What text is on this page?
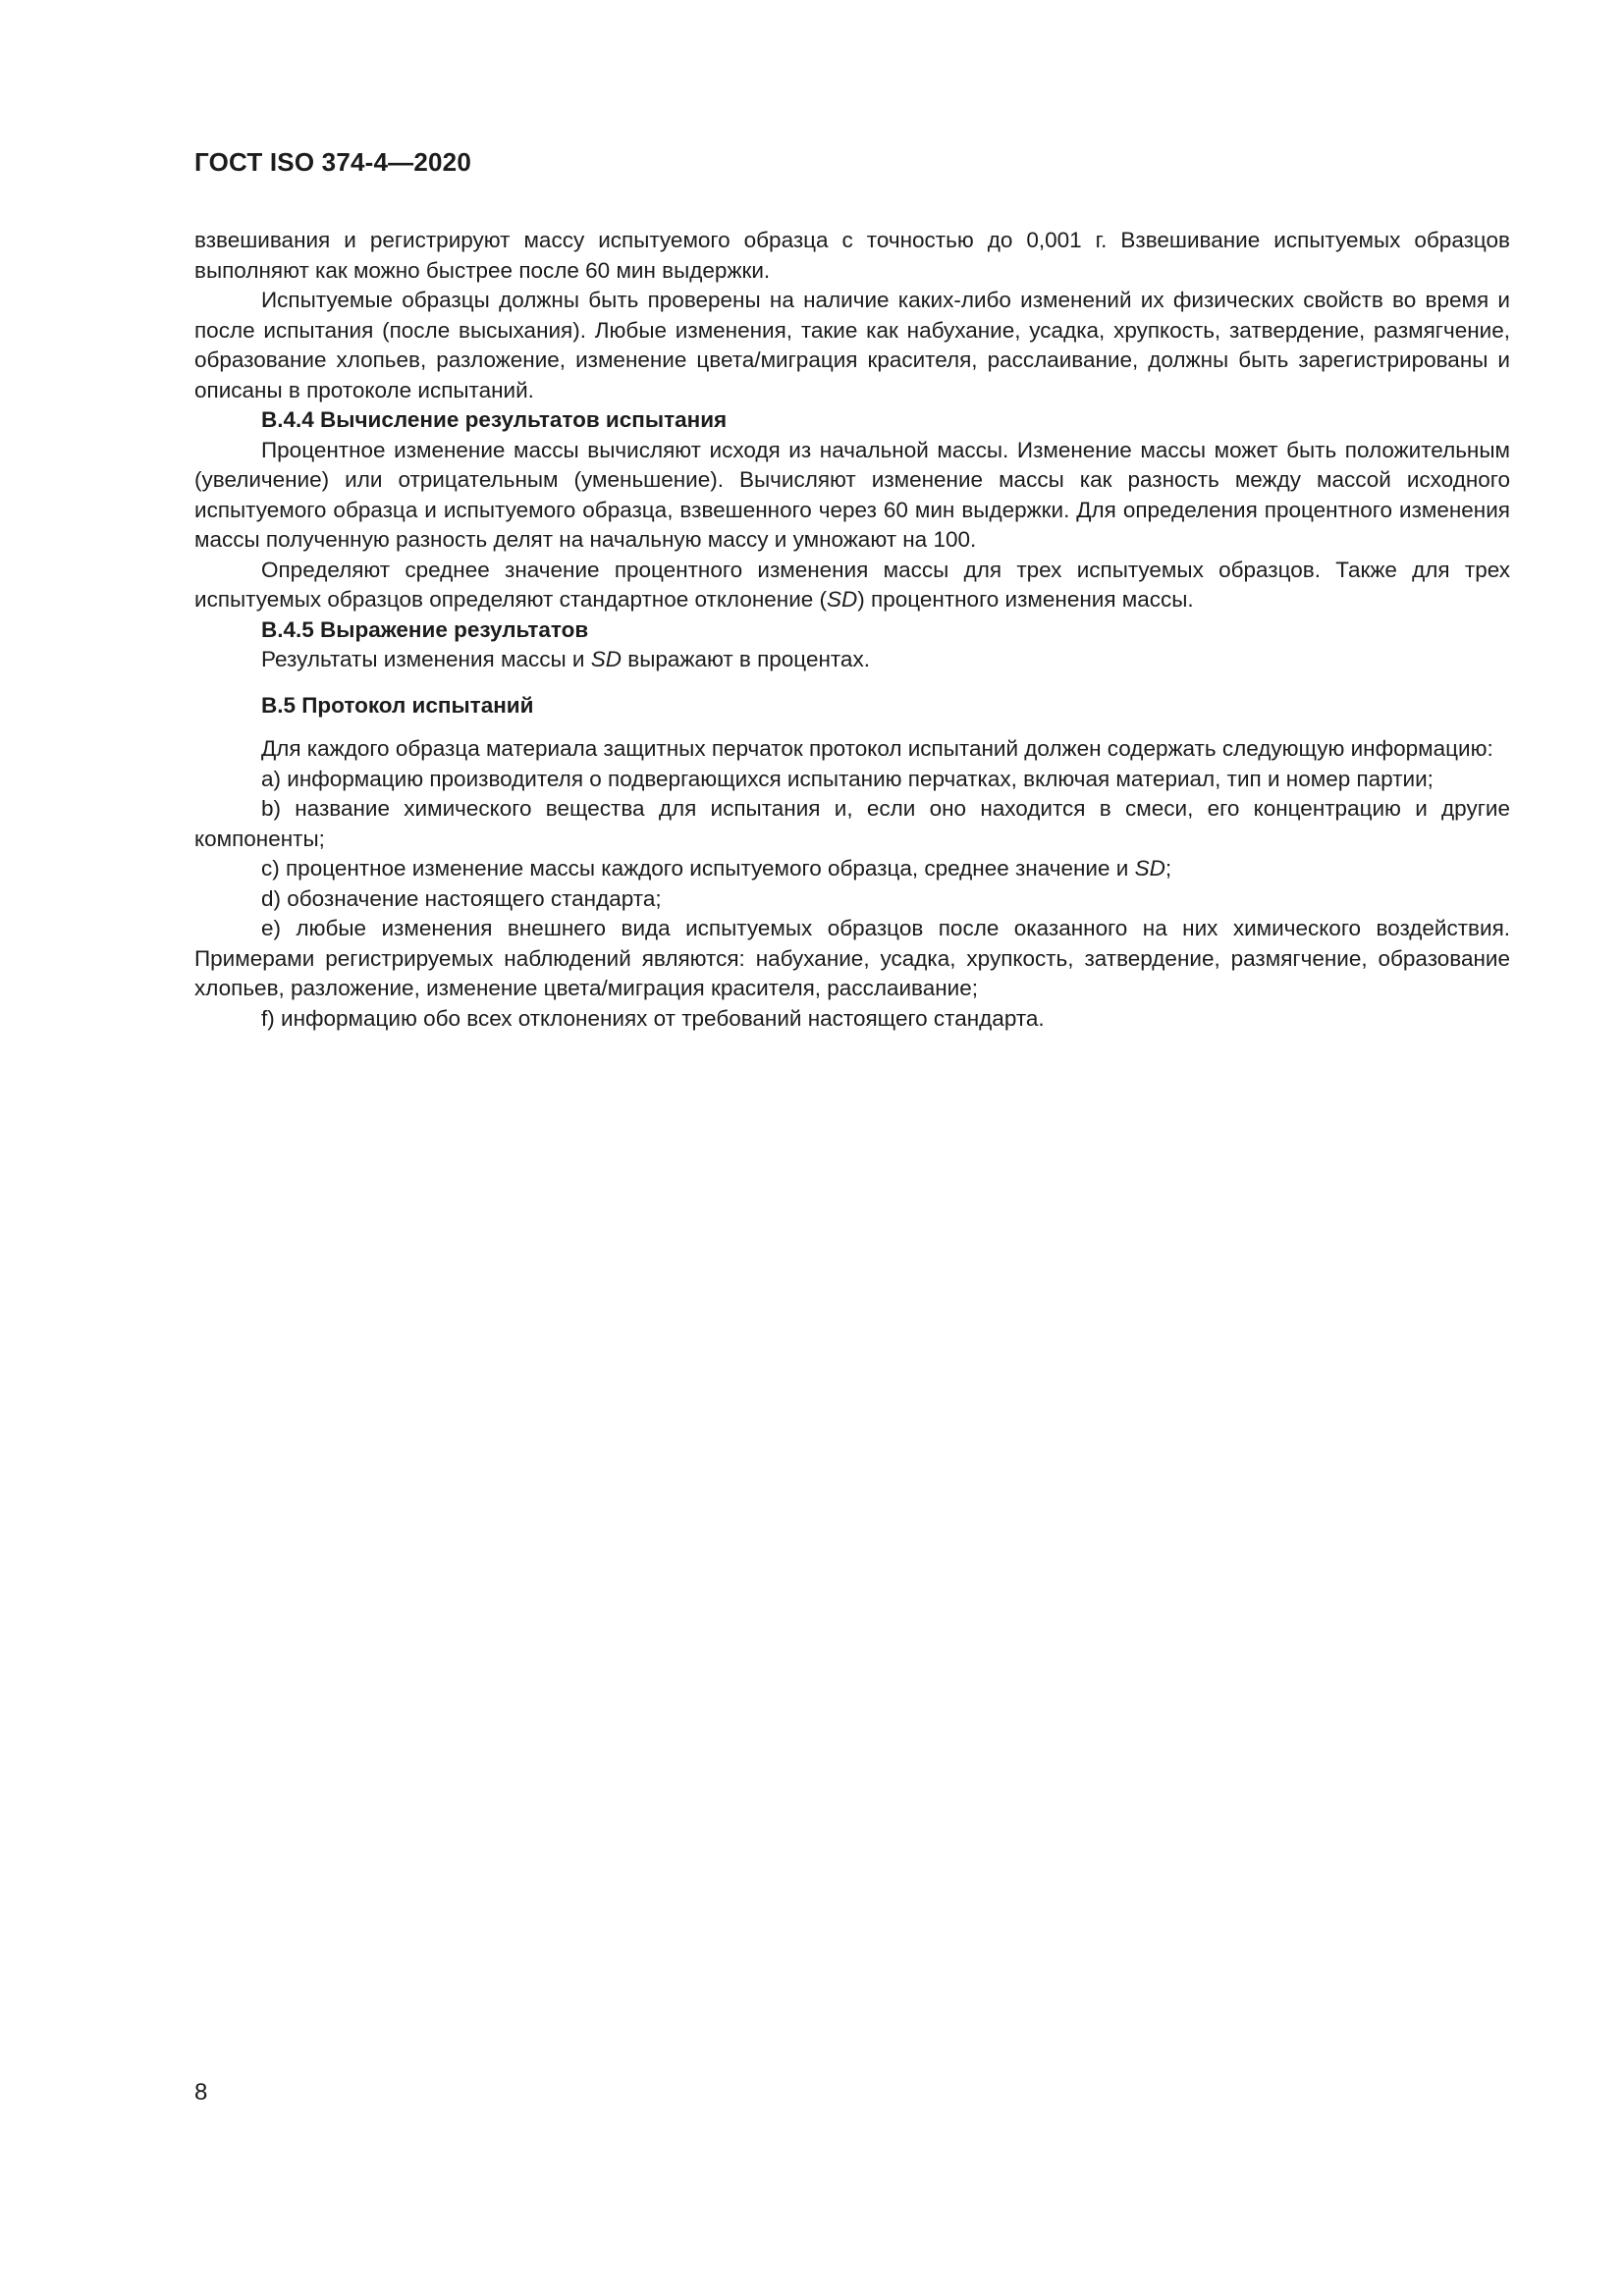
ГОСТ ISO 374-4—2020

взвешивания и регистрируют массу испытуемого образца с точностью до 0,001 г. Взвешивание испытуемых образцов выполняют как можно быстрее после 60 мин выдержки.

Испытуемые образцы должны быть проверены на наличие каких-либо изменений их физических свойств во время и после испытания (после высыхания). Любые изменения, такие как набухание, усадка, хрупкость, затвердение, размягчение, образование хлопьев, разложение, изменение цвета/миграция красителя, расслаивание, должны быть зарегистрированы и описаны в протоколе испытаний.

В.4.4 Вычисление результатов испытания

Процентное изменение массы вычисляют исходя из начальной массы. Изменение массы может быть положительным (увеличение) или отрицательным (уменьшение). Вычисляют изменение массы как разность между массой исходного испытуемого образца и испытуемого образца, взвешенного через 60 мин выдержки. Для определения процентного изменения массы полученную разность делят на начальную массу и умножают на 100.

Определяют среднее значение процентного изменения массы для трех испытуемых образцов. Также для трех испытуемых образцов определяют стандартное отклонение (SD) процентного изменения массы.

В.4.5 Выражение результатов

Результаты изменения массы и SD выражают в процентах.

В.5 Протокол испытаний

Для каждого образца материала защитных перчаток протокол испытаний должен содержать следующую информацию:

а) информацию производителя о подвергающихся испытанию перчатках, включая материал, тип и номер партии;

b) название химического вещества для испытания и, если оно находится в смеси, его концентрацию и другие компоненты;

с) процентное изменение массы каждого испытуемого образца, среднее значение и SD;

d) обозначение настоящего стандарта;

е) любые изменения внешнего вида испытуемых образцов после оказанного на них химического воздействия. Примерами регистрируемых наблюдений являются: набухание, усадка, хрупкость, затвердение, размягчение, образование хлопьев, разложение, изменение цвета/миграция красителя, расслаивание;

f) информацию обо всех отклонениях от требований настоящего стандарта.

8
